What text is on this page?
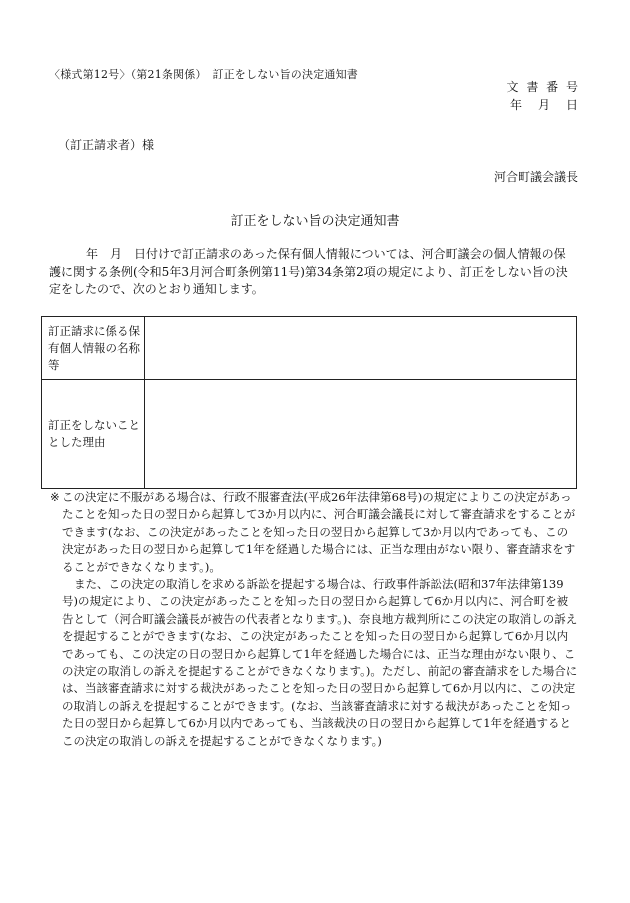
〈様式第12号〉（第21条関係）　訂正をしない旨の決定通知書
文 書 番 号
年　月　日
（訂正請求者）様
河合町議会議長
訂正をしない旨の決定通知書
年　月　日付けで訂正請求のあった保有個人情報については、河合町議会の個人情報の保護に関する条例(令和5年3月河合町条例第11号)第34条第2項の規定により、訂正をしない旨の決定をしたので、次のとおり通知します。
訂正請求に係る保有個人情報の名称等	
訂正をしないこととした理由	
※ この決定に不服がある場合は、行政不服審査法(平成26年法律第68号)の規定によりこの決定があったことを知った日の翌日から起算して3か月以内に、河合町議会議長に対して審査請求をすることができます(なお、この決定があったことを知った日の翌日から起算して3か月以内であっても、この決定があった日の翌日から起算して1年を経過した場合には、正当な理由がない限り、審査請求をすることができなくなります。)。

また、この決定の取消しを求める訴訟を提起する場合は、行政事件訴訟法(昭和37年法律第139号)の規定により、この決定があったことを知った日の翌日から起算して6か月以内に、河合町を被告として（河合町議会議長が被告の代表者となります。)、奈良地方裁判所にこの決定の取消しの訴えを提起することができます(なお、この決定があったことを知った日の翌日から起算して6か月以内であっても、この決定の日の翌日から起算して1年を経過した場合には、正当な理由がない限り、この決定の取消しの訴えを提起することができなくなります。)。ただし、前記の審査請求をした場合には、当該審査請求に対する裁決があったことを知った日の翌日から起算して6か月以内に、この決定の取消しの訴えを提起することができます。(なお、当該審査請求に対する裁決があったことを知った日の翌日から起算して6か月以内であっても、当該裁決の日の翌日から起算して1年を経過するとこの決定の取消しの訴えを提起することができなくなります。)
